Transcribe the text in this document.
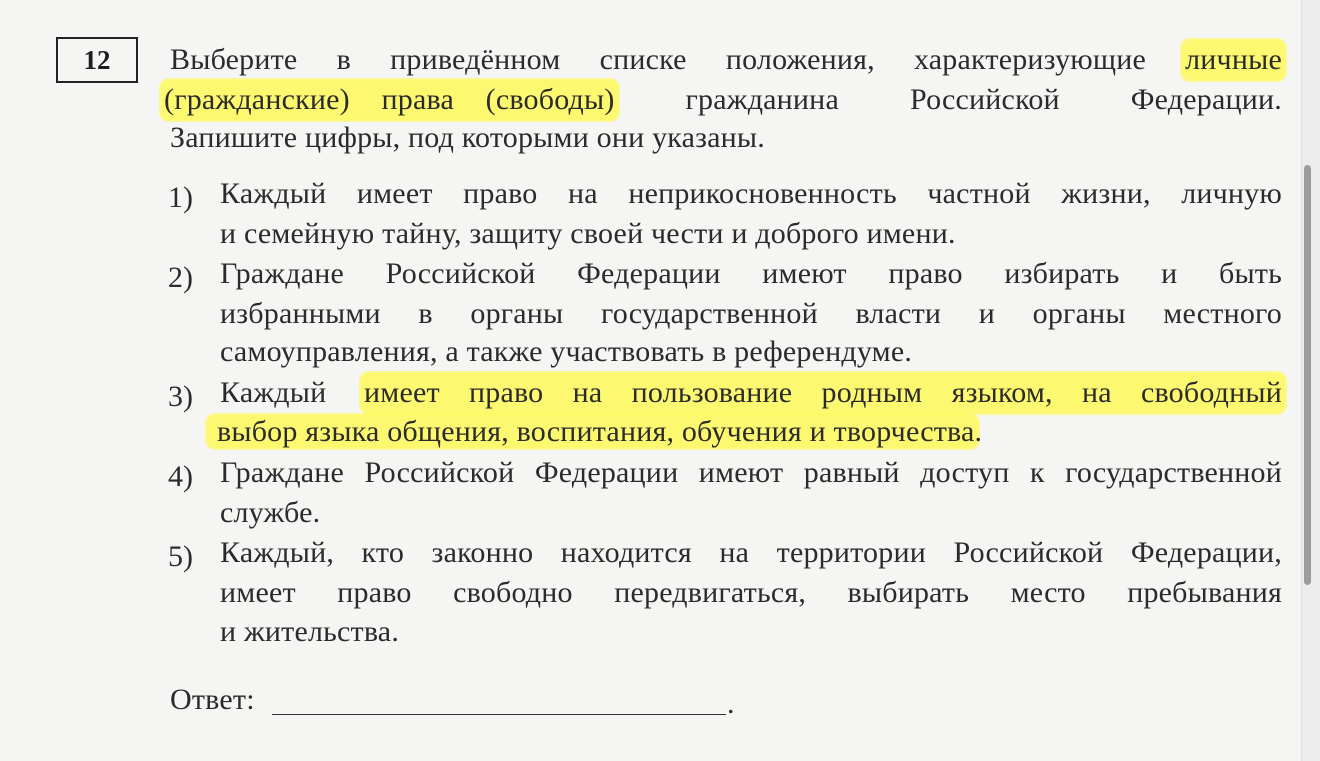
12 Выберите в приведённом списке положения, характеризующие личные
(гражданские) права (свободы) гражданина Российской Федерации.
Запишите цифры, под которыми они указаны.
1) Каждый имеет право на неприкосновенность частной жизни, личную
и семейную тайну, защиту своей чести и доброго имени.
2) Граждане Российской Федерации имеют право избирать и быть
избранными в органы государственной власти и органы местного
самоуправления, а также участвовать в референдуме.
3) Каждый имеет право на пользование родным языком, на свободный
выбор языка общения, воспитания, обучения и творчества.
4) Граждане Российской Федерации имеют равный доступ к государственной
службе.
5) Каждый, кто законно находится на территории Российской Федерации,
имеет право свободно передвигаться, выбирать место пребывания
и жительства.
Ответ:	.
